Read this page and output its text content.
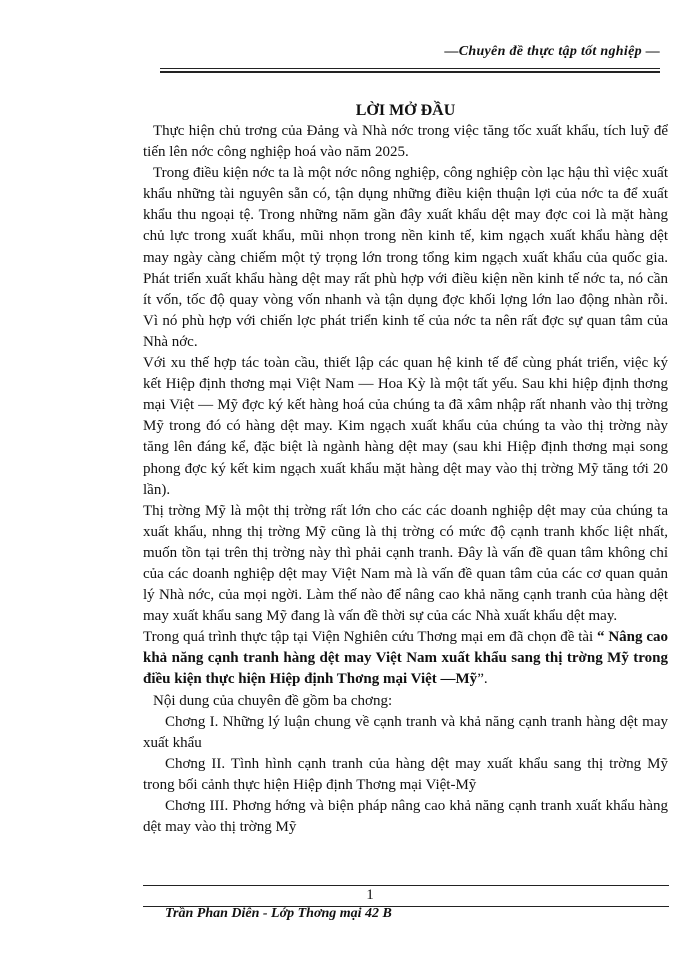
—Chuyên đề thực tập tốt nghiệp —
LỜI MỞ ĐẦU

Thực hiện chủ trơng của Đảng và Nhà nớc trong việc tăng tốc xuất khẩu, tích luỹ để tiến lên nớc công nghiệp hoá vào năm 2025.

Trong điều kiện nớc ta là một nớc nông nghiệp, công nghiệp còn lạc hậu thì việc xuất khẩu những tài nguyên sẵn có, tận dụng những điều kiện thuận lợi của nớc ta để xuất khẩu thu ngoại tệ. Trong những năm gần đây xuất khẩu dệt may đợc coi là mặt hàng chủ lực trong xuất khẩu, mũi nhọn trong nền kinh tế, kim ngạch xuất khẩu hàng dệt may ngày càng chiếm một tỷ trọng lớn trong tổng kim ngạch xuất khẩu của quốc gia. Phát triển xuất khẩu hàng dệt may rất phù hợp với điều kiện nền kinh tế nớc ta, nó cần ít vốn, tốc độ quay vòng vốn nhanh và tận dụng đợc khối lợng lớn lao động nhàn rỗi. Vì nó phù hợp với chiến lợc phát triển kinh tế của nớc ta nên rất đợc sự quan tâm của Nhà nớc.

Với xu thế hợp tác toàn cầu, thiết lập các quan hệ kinh tế để cùng phát triển, việc ký kết Hiệp định thơng mại Việt Nam — Hoa Kỳ là một tất yếu. Sau khi hiệp định thơng mại Việt — Mỹ đợc ký kết hàng hoá của chúng ta đã xâm nhập rất nhanh vào thị trờng Mỹ trong đó có hàng dệt may. Kim ngạch xuất khẩu của chúng ta vào thị trờng này tăng lên đáng kể, đặc biệt là ngành hàng dệt may (sau khi Hiệp định thơng mại song phong đợc ký kết kim ngạch xuất khẩu mặt hàng dệt may vào thị trờng Mỹ tăng tới 20 lần).

Thị trờng Mỹ là một thị trờng rất lớn cho các các doanh nghiệp dệt may của chúng ta xuất khẩu, nhng thị trờng Mỹ cũng là thị trờng có mức độ cạnh tranh khốc liệt nhất, muốn tồn tại trên thị trờng này thì phải cạnh tranh. Đây là vấn đề quan tâm không chỉ của các doanh nghiệp dệt may Việt Nam mà là vấn đề quan tâm của các cơ quan quản lý Nhà nớc, của mọi ngời. Làm thế nào để nâng cao khả năng cạnh tranh của hàng dệt may xuất khẩu sang Mỹ đang là vấn đề thời sự của các Nhà xuất khẩu dệt may.

Trong quá trình thực tập tại Viện Nghiên cứu Thơng mại em đã chọn đề tài “ Nâng cao khả năng cạnh tranh hàng dệt may Việt Nam xuất khẩu sang thị trờng Mỹ trong điều kiện thực hiện Hiệp định Thơng mại Việt —Mỹ”.

Nội dung của chuyên đề gồm ba chơng:

Chơng I. Những lý luận chung về cạnh tranh và khả năng cạnh tranh hàng dệt may xuất khẩu

Chơng II. Tình hình cạnh tranh của hàng dệt may xuất khẩu sang thị trờng Mỹ trong bối cảnh thực hiện Hiệp định Thơng mại Việt-Mỹ

Chơng III. Phơng hớng và biện pháp nâng cao khả năng cạnh tranh xuất khẩu hàng dệt may vào thị trờng Mỹ

1
Trần Phan Diên - Lớp Thơng mại 42 B
